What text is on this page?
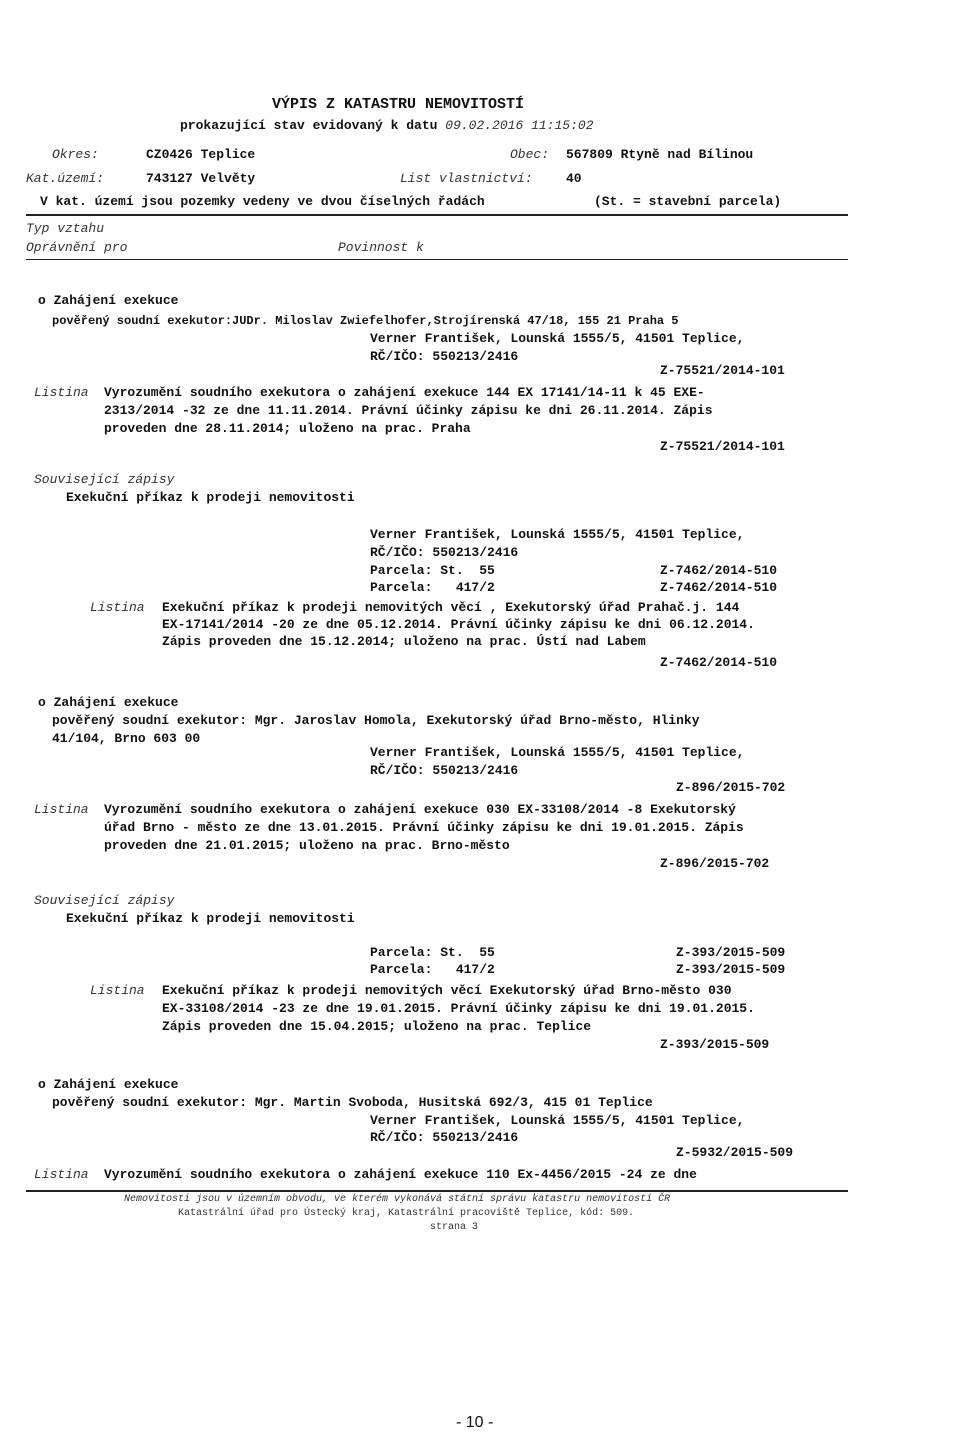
VÝPIS Z KATASTRU NEMOVITOSTÍ
prokazující stav evidovaný k datu 09.02.2016 11:15:02
Okres:	CZ0426 Teplice	Obec: 567809 Rtyně nad Bílinou
Kat.území:	743127 Velvěty	List vlastnictví:	40
V kat. území jsou pozemky vedeny ve dvou číselných řadách	(St. = stavební parcela)
Typ vztahu
Oprávnění pro	Povinnost k
o Zahájení exekuce
pověřený soudní exekutor:JUDr. Miloslav Zwiefelhofer,Strojírenská 47/18, 155 21 Praha 5
Verner František, Lounská 1555/5, 41501 Teplice,
RČ/IČO: 550213/2416
Z-75521/2014-101
Listina Vyrozumění soudního exekutora o zahájení exekuce 144 EX 17141/14-11 k 45 EXE-
2313/2014 -32 ze dne 11.11.2014. Právní účinky zápisu ke dni 26.11.2014. Zápis
proveden dne 28.11.2014; uloženo na prac. Praha
Z-75521/2014-101
Související zápisy
Exekuční příkaz k prodeji nemovitosti
Verner František, Lounská 1555/5, 41501 Teplice,
RČ/IČO: 550213/2416
Parcela: St.  55	Z-7462/2014-510
Parcela:   417/2	Z-7462/2014-510
Listina Exekuční příkaz k prodeji nemovitých věcí , Exekutorský úřad Prahač.j. 144
EX-17141/2014 -20 ze dne 05.12.2014. Právní účinky zápisu ke dni 06.12.2014.
Zápis proveden dne 15.12.2014; uloženo na prac. Ústí nad Labem
Z-7462/2014-510
o Zahájení exekuce
pověřený soudní exekutor: Mgr. Jaroslav Homola, Exekutorský úřad Brno-město, Hlinky
41/104, Brno 603 00
Verner František, Lounská 1555/5, 41501 Teplice,
RČ/IČO: 550213/2416
Z-896/2015-702
Listina Vyrozumění soudního exekutora o zahájení exekuce 030 EX-33108/2014 -8 Exekutorský
úřad Brno - město ze dne 13.01.2015. Právní účinky zápisu ke dni 19.01.2015. Zápis
proveden dne 21.01.2015; uloženo na prac. Brno-město
Z-896/2015-702
Související zápisy
Exekuční příkaz k prodeji nemovitosti
Parcela: St.  55	Z-393/2015-509
Parcela:   417/2	Z-393/2015-509
Listina Exekuční příkaz k prodeji nemovitých věcí Exekutorský úřad Brno-město 030
EX-33108/2014 -23 ze dne 19.01.2015. Právní účinky zápisu ke dni 19.01.2015.
Zápis proveden dne 15.04.2015; uloženo na prac. Teplice
Z-393/2015-509
o Zahájení exekuce
pověřený soudní exekutor: Mgr. Martin Svoboda, Husitská 692/3, 415 01 Teplice
Verner František, Lounská 1555/5, 41501 Teplice,
RČ/IČO: 550213/2416
Z-5932/2015-509
Listina Vyrozumění soudního exekutora o zahájení exekuce 110 Ex-4456/2015 -24 ze dne
Nemovitosti jsou v územním obvodu, ve kterém vykonává státní správu katastru nemovitostí ČR
Katastrální úřad pro Ústecký kraj, Katastrální pracoviště Teplice, kód: 509.
strana 3
- 10 -
